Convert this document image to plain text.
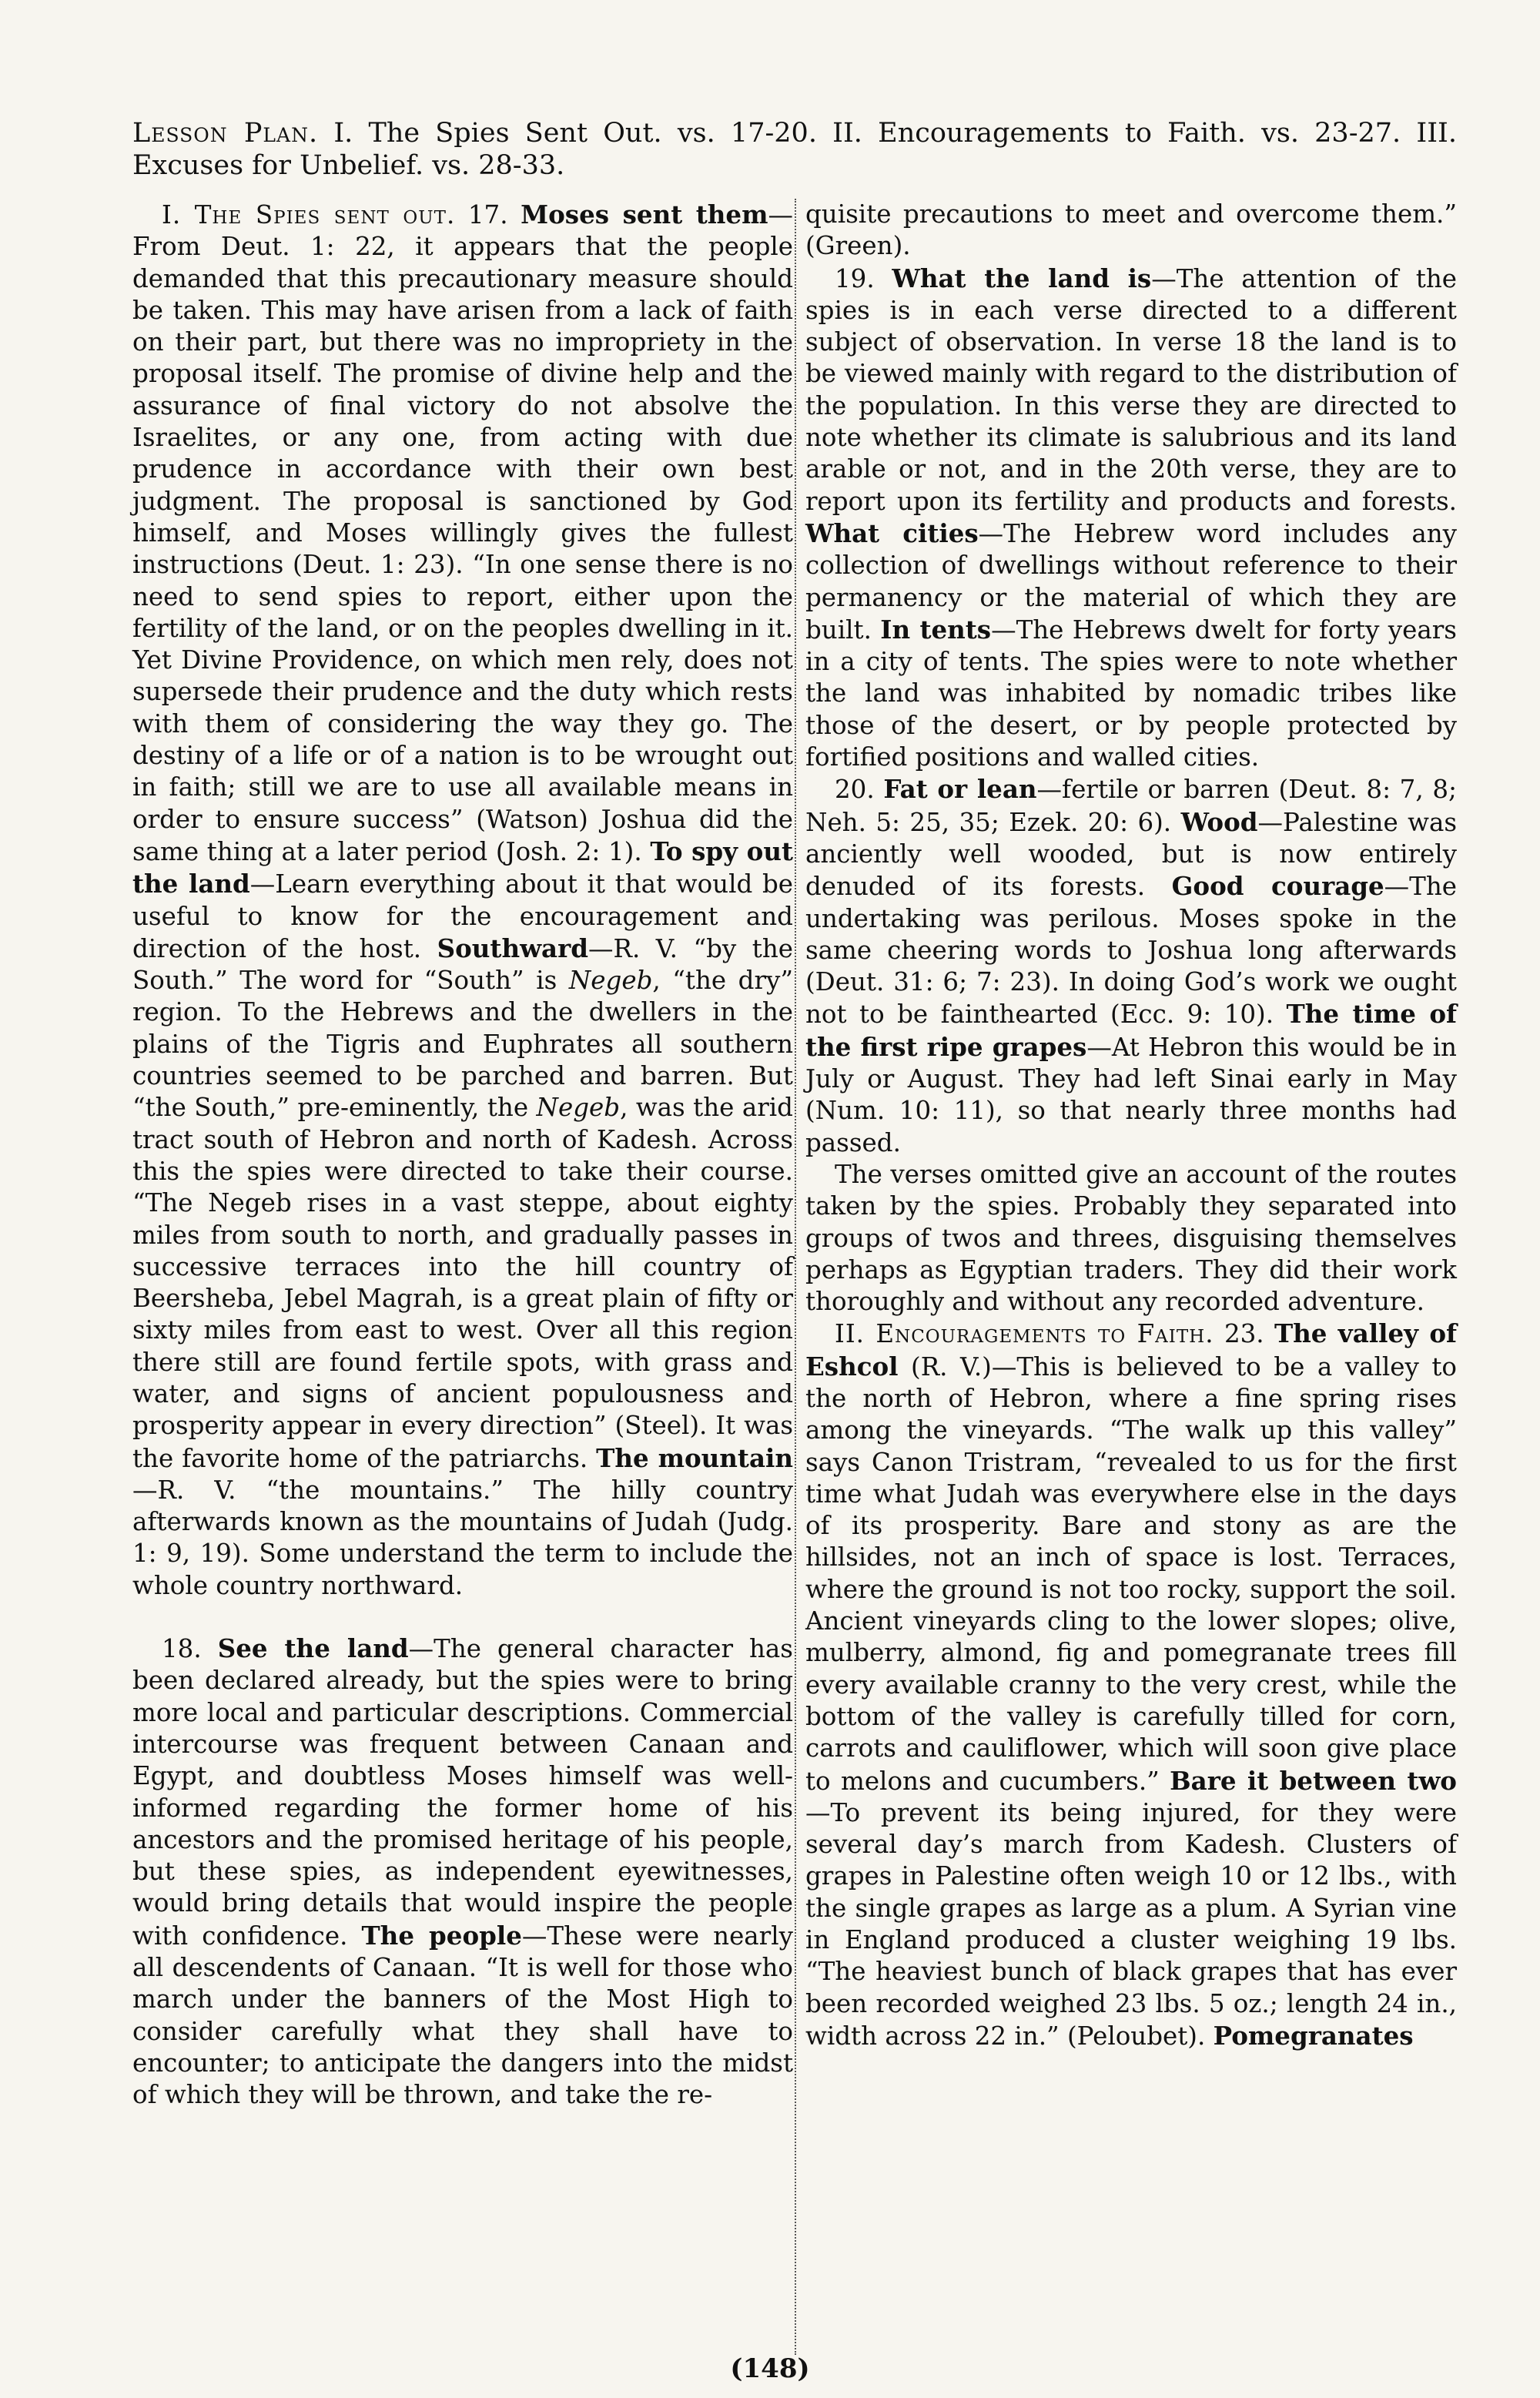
Lesson Plan. I. The Spies Sent Out. vs. 17-20. II. Encouragements to Faith. vs. 23-27. III. Excuses for Unbelief. vs. 28-33.

I. The Spies sent out. 17. Moses sent them—From Deut. 1: 22, it appears that the people demanded that this precautionary measure should be taken. This may have arisen from a lack of faith on their part, but there was no impropriety in the proposal itself. The promise of divine help and the assurance of final victory do not absolve the Israelites, or any one, from acting with due prudence in accordance with their own best judgment. The proposal is sanctioned by God himself, and Moses willingly gives the fullest instructions (Deut. 1: 23). “In one sense there is no need to send spies to report, either upon the fertility of the land, or on the peoples dwelling in it. Yet Divine Providence, on which men rely, does not supersede their prudence and the duty which rests with them of considering the way they go. The destiny of a life or of a nation is to be wrought out in faith; still we are to use all available means in order to ensure success” (Watson) Joshua did the same thing at a later period (Josh. 2: 1). To spy out the land—Learn everything about it that would be useful to know for the encouragement and direction of the host. Southward—R. V. “by the South.” The word for “South” is Negeb, “the dry” region. To the Hebrews and the dwellers in the plains of the Tigris and Euphrates all southern countries seemed to be parched and barren. But “the South,” pre-eminently, the Negeb, was the arid tract south of Hebron and north of Kadesh. Across this the spies were directed to take their course. “The Negeb rises in a vast steppe, about eighty miles from south to north, and gradually passes in successive terraces into the hill country of Beersheba, Jebel Magrah, is a great plain of fifty or sixty miles from east to west. Over all this region there still are found fertile spots, with grass and water, and signs of ancient populousness and prosperity appear in every direction” (Steel). It was the favorite home of the patriarchs. The mountain—R. V. “the mountains.” The hilly country afterwards known as the mountains of Judah (Judg. 1: 9, 19). Some understand the term to include the whole country northward.

18. See the land—The general character has been declared already, but the spies were to bring more local and particular descriptions. Commercial intercourse was frequent between Canaan and Egypt, and doubtless Moses himself was well-informed regarding the former home of his ancestors and the promised heritage of his people, but these spies, as independent eyewitnesses, would bring details that would inspire the people with confidence. The people—These were nearly all descendents of Canaan. “It is well for those who march under the banners of the Most High to consider carefully what they shall have to encounter; to anticipate the dangers into the midst of which they will be thrown, and take the re-

quisite precautions to meet and overcome them.” (Green).

19. What the land is—The attention of the spies is in each verse directed to a different subject of observation. In verse 18 the land is to be viewed mainly with regard to the distribution of the population. In this verse they are directed to note whether its climate is salubrious and its land arable or not, and in the 20th verse, they are to report upon its fertility and products and forests. What cities—The Hebrew word includes any collection of dwellings without reference to their permanency or the material of which they are built. In tents—The Hebrews dwelt for forty years in a city of tents. The spies were to note whether the land was inhabited by nomadic tribes like those of the desert, or by people protected by fortified positions and walled cities.

20. Fat or lean—fertile or barren (Deut. 8: 7, 8; Neh. 5: 25, 35; Ezek. 20: 6). Wood—Palestine was anciently well wooded, but is now entirely denuded of its forests. Good courage—The undertaking was perilous. Moses spoke in the same cheering words to Joshua long afterwards (Deut. 31: 6; 7: 23). In doing God’s work we ought not to be fainthearted (Ecc. 9: 10). The time of the first ripe grapes—At Hebron this would be in July or August. They had left Sinai early in May (Num. 10: 11), so that nearly three months had passed.

The verses omitted give an account of the routes taken by the spies. Probably they separated into groups of twos and threes, disguising themselves perhaps as Egyptian traders. They did their work thoroughly and without any recorded adventure.

II. Encouragements to Faith. 23. The valley of Eshcol (R. V.)—This is believed to be a valley to the north of Hebron, where a fine spring rises among the vineyards. “The walk up this valley” says Canon Tristram, “revealed to us for the first time what Judah was everywhere else in the days of its prosperity. Bare and stony as are the hillsides, not an inch of space is lost. Terraces, where the ground is not too rocky, support the soil. Ancient vineyards cling to the lower slopes; olive, mulberry, almond, fig and pomegranate trees fill every available cranny to the very crest, while the bottom of the valley is carefully tilled for corn, carrots and cauliflower, which will soon give place to melons and cucumbers.” Bare it between two—To prevent its being injured, for they were several day’s march from Kadesh. Clusters of grapes in Palestine often weigh 10 or 12 lbs., with the single grapes as large as a plum. A Syrian vine in England produced a cluster weighing 19 lbs. “The heaviest bunch of black grapes that has ever been recorded weighed 23 lbs. 5 oz.; length 24 in., width across 22 in.” (Peloubet). Pomegranates

(148)
